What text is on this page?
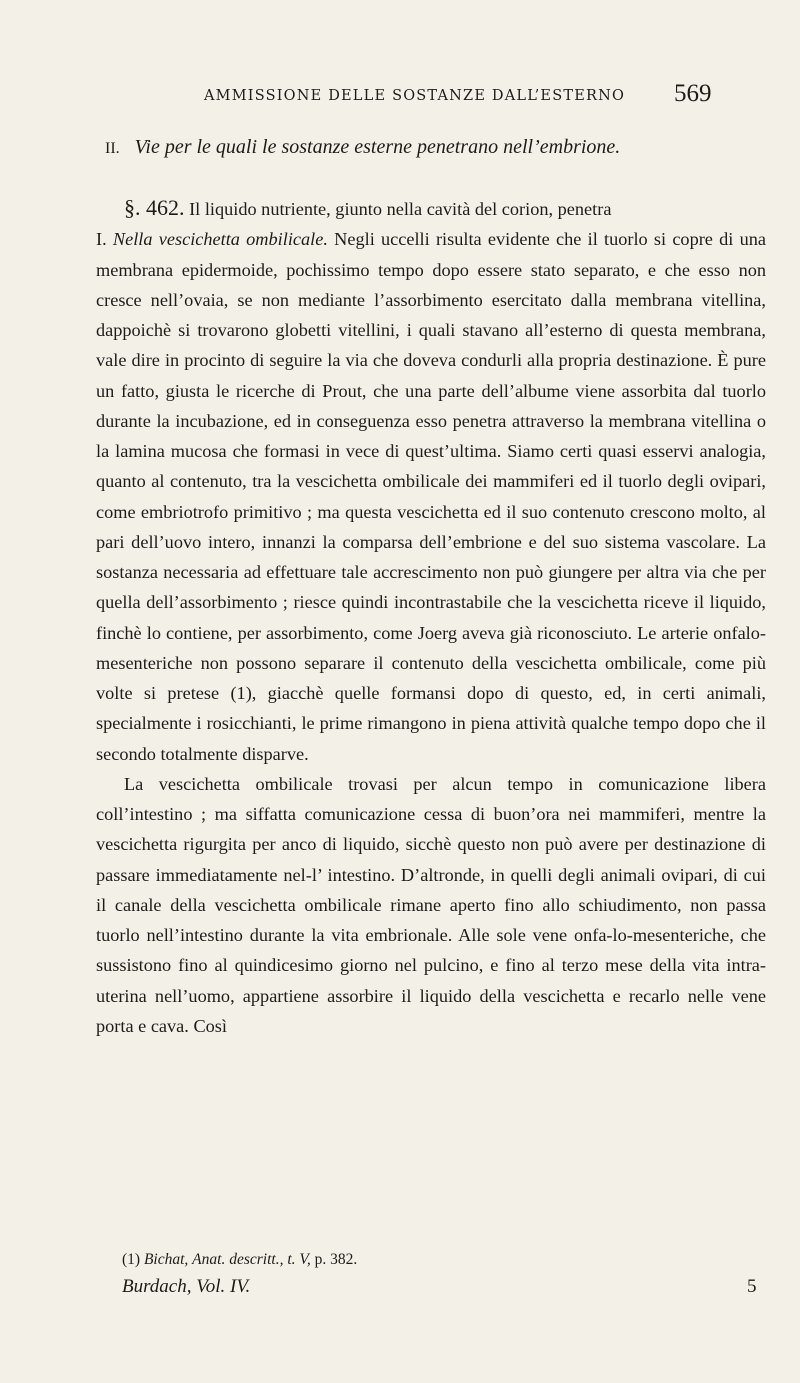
AMMISSIONE DELLE SOSTANZE DALL’ESTERNO	569
II. Vie per le quali le sostanze esterne penetrano nell’embrione.

§. 462. Il liquido nutriente, giunto nella cavità del corion, penetra
I. Nella vescichetta ombilicale. Negli uccelli risulta evidente che il tuorlo si copre di una membrana epidermoide, pochissimo tempo dopo essere stato separato, e che esso non cresce nell’ovaia, se non mediante l’assorbimento esercitato dalla membrana vitellina, dappoichè si trovarono globetti vitellini, i quali stavano all’esterno di questa membrana, vale dire in procinto di seguire la via che doveva condurli alla propria destinazione. È pure un fatto, giusta le ricerche di Prout, che una parte dell’albume viene assorbita dal tuorlo durante la incubazione, ed in conseguenza esso penetra attraverso la membrana vitellina o la lamina mucosa che formasi in vece di quest’ultima. Siamo certi quasi esservi analogia, quanto al contenuto, tra la vescichetta ombilicale dei mammiferi ed il tuorlo degli ovipari, come embriotrofo primitivo ; ma questa vescichetta ed il suo contenuto crescono molto, al pari dell’uovo intero, innanzi la comparsa dell’embrione e del suo sistema vascolare. La sostanza necessaria ad effettuare tale accrescimento non può giungere per altra via che per quella dell’assorbimento ; riesce quindi incontrastabile che la vescichetta riceve il liquido, finchè lo contiene, per assorbimento, come Joerg aveva già riconosciuto. Le arterie onfalo-mesenteriche non possono separare il contenuto della vescichetta ombilicale, come più volte si pretese (1), giacchè quelle formansi dopo di questo, ed, in certi animali, specialmente i rosicchianti, le prime rimangono in piena attività qualche tempo dopo che il secondo totalmente disparve.

La vescichetta ombilicale trovasi per alcun tempo in comunicazione libera coll’intestino ; ma siffatta comunicazione cessa di buon’ora nei mammiferi, mentre la vescichetta rigurgita per anco di liquido, sicchè questo non può avere per destinazione di passare immediatamente nel-l’ intestino. D’altronde, in quelli degli animali ovipari, di cui il canale della vescichetta ombilicale rimane aperto fino allo schiudimento, non passa tuorlo nell’intestino durante la vita embrionale. Alle sole vene onfa-lo-mesenteriche, che sussistono fino al quindicesimo giorno nel pulcino, e fino al terzo mese della vita intra-uterina nell’uomo, appartiene assorbire il liquido della vescichetta e recarlo nelle vene porta e cava. Così

(1) Bichat, Anat. descritt., t. V, p. 382.
Burdach, Vol. IV.	5
